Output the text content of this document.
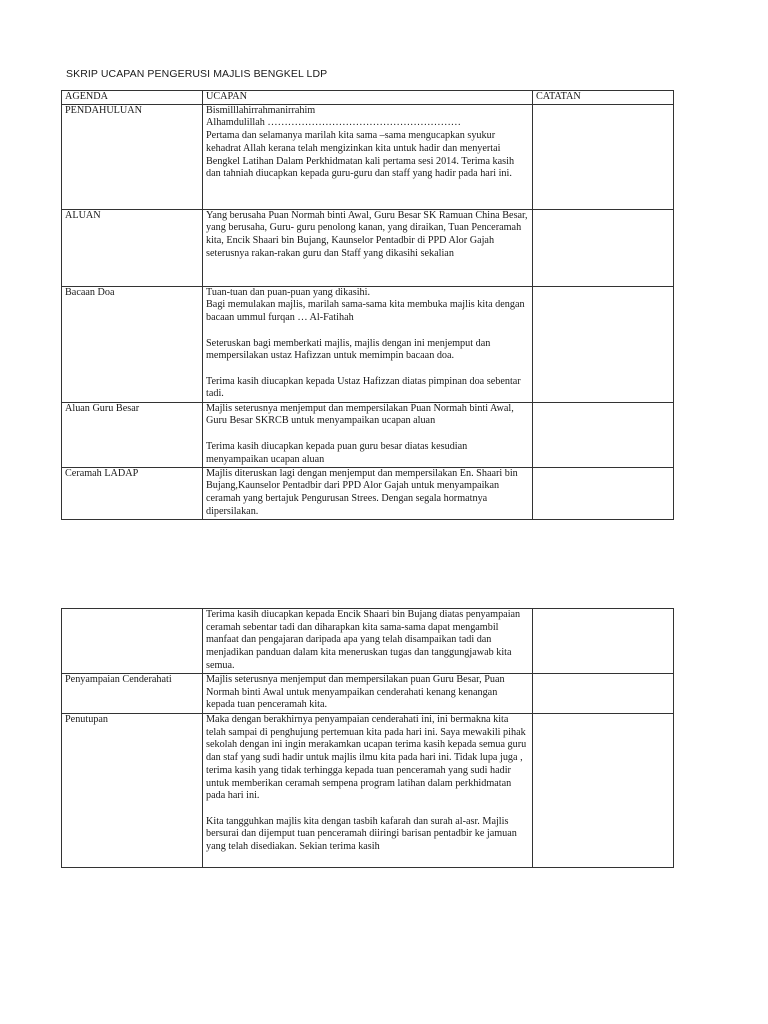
SKRIP UCAPAN PENGERUSI MAJLIS BENGKEL LDP
AGENDA	UCAPAN	CATATAN
PENDAHULUAN	Bismilllahirrahmanirrahim
Alhamdulillah …………………………………………………
Pertama dan selamanya marilah kita sama –sama mengucapkan syukur kehadrat Allah kerana telah mengizinkan kita untuk hadir dan menyertai Bengkel Latihan Dalam Perkhidmatan kali pertama sesi 2014. Terima kasih dan tahniah diucapkan kepada guru-guru dan staff yang hadir pada hari ini.	

ALUAN	Yang berusaha Puan Normah binti Awal, Guru Besar SK Ramuan China Besar, yang berusaha, Guru- guru penolong kanan, yang diraikan, Tuan Penceramah kita, Encik Shaari bin Bujang, Kaunselor Pentadbir di PPD Alor Gajah seterusnya rakan-rakan guru dan Staff yang dikasihi sekalian	

Bacaan Doa	Tuan-tuan dan puan-puan yang dikasihi.
Bagi memulakan majlis, marilah sama-sama kita membuka majlis kita dengan bacaan ummul furqan … Al-Fatihah
Seteruskan bagi memberkati majlis, majlis dengan ini menjemput dan mempersilakan ustaz Hafizzan untuk memimpin bacaan doa.
Terima kasih diucapkan kepada Ustaz Hafizzan diatas pimpinan doa sebentar tadi.	

Aluan Guru Besar	Majlis seterusnya menjemput dan mempersilakan Puan Normah binti Awal, Guru Besar SKRCB untuk menyampaikan ucapan aluan
Terima kasih diucapkan kepada puan guru besar diatas kesudian menyampaikan ucapan aluan	

Ceramah LADAP	Majlis diteruskan lagi dengan menjemput dan mempersilakan En. Shaari bin Bujang,Kaunselor Pentadbir dari PPD Alor Gajah untuk menyampaikan ceramah yang bertajuk Pengurusan Strees. Dengan segala hormatnya dipersilakan.	

	Terima kasih diucapkan kepada Encik Shaari bin Bujang diatas penyampaian ceramah sebentar tadi dan diharapkan kita sama-sama dapat mengambil manfaat dan pengajaran daripada apa yang telah disampaikan tadi dan menjadikan panduan dalam kita meneruskan tugas dan tanggungjawab kita semua.	

Penyampaian Cenderahati	Majlis seterusnya menjemput dan mempersilakan puan Guru Besar, Puan Normah binti Awal untuk menyampaikan cenderahati kenang kenangan kepada tuan penceramah kita.	

Penutupan	Maka dengan berakhirnya penyampaian cenderahati ini, ini bermakna kita telah sampai di penghujung pertemuan kita pada hari ini. Saya mewakili pihak sekolah dengan ini ingin merakamkan ucapan terima kasih kepada semua guru dan staf yang sudi hadir untuk majlis ilmu kita pada hari ini. Tidak lupa juga , terima kasih yang tidak terhingga kepada tuan penceramah yang sudi hadir untuk memberikan ceramah sempena program latihan dalam perkhidmatan pada hari ini.
Kita tangguhkan majlis kita dengan tasbih kafarah dan surah al-asr. Majlis bersurai dan dijemput tuan penceramah diiringi barisan pentadbir ke jamuan yang telah disediakan. Sekian terima kasih	
